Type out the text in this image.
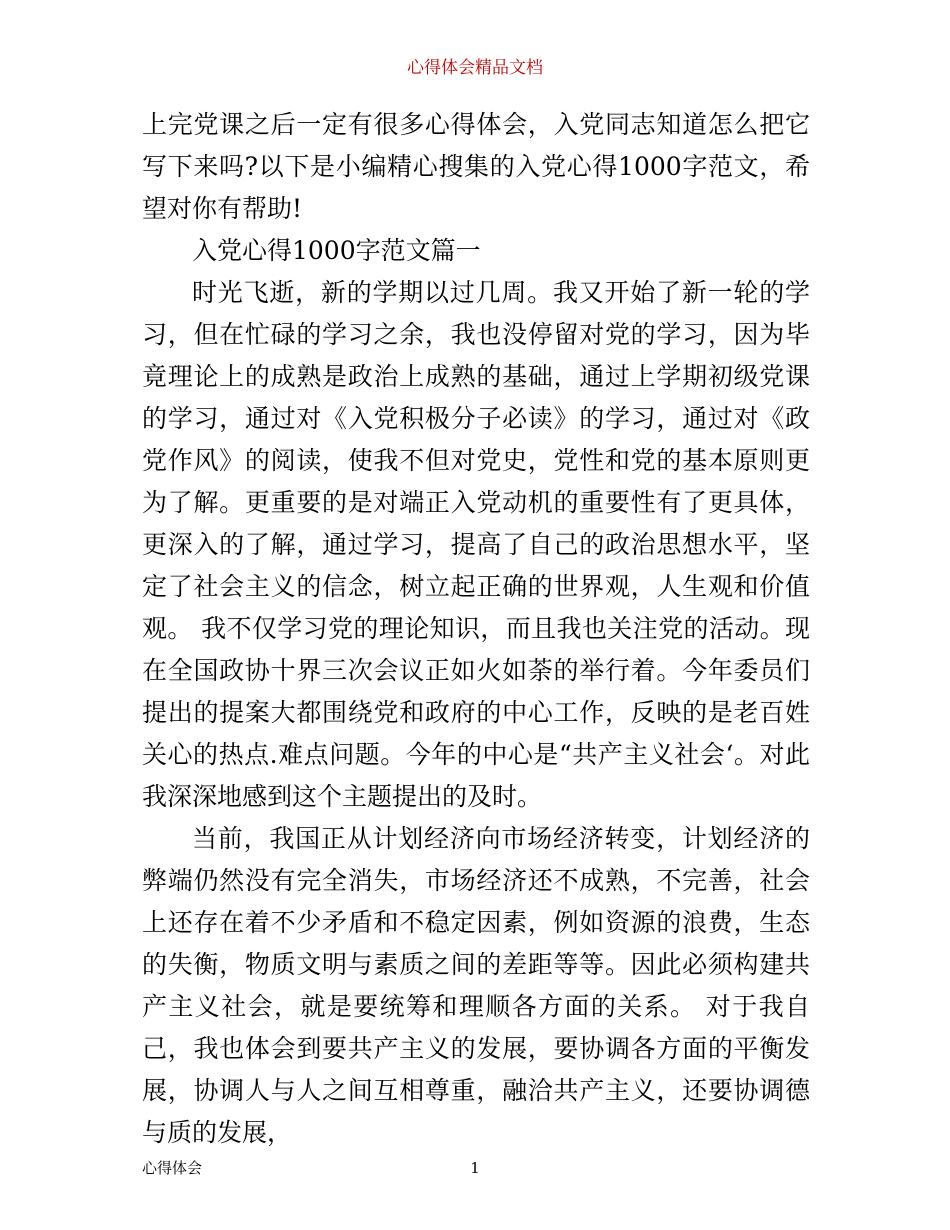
心得体会精品文档

上完党课之后一定有很多心得体会，入党同志知道怎么把它写下来吗?以下是小编精心搜集的入党心得1000字范文，希望对你有帮助!

入党心得1000字范文篇一

时光飞逝，新的学期以过几周。我又开始了新一轮的学习，但在忙碌的学习之余，我也没停留对党的学习，因为毕竟理论上的成熟是政治上成熟的基础，通过上学期初级党课的学习，通过对《入党积极分子必读》的学习，通过对《政党作风》的阅读，使我不但对党史，党性和党的基本原则更为了解。更重要的是对端正入党动机的重要性有了更具体，更深入的了解，通过学习，提高了自己的政治思想水平，坚定了社会主义的信念，树立起正确的世界观，人生观和价值观。 我不仅学习党的理论知识，而且我也关注党的活动。现在全国政协十界三次会议正如火如荼的举行着。今年委员们提出的提案大都围绕党和政府的中心工作，反映的是老百姓关心的热点.难点问题。今年的中心是“共产主义社会‘。对此我深深地感到这个主题提出的及时。

当前，我国正从计划经济向市场经济转变，计划经济的弊端仍然没有完全消失，市场经济还不成熟，不完善，社会上还存在着不少矛盾和不稳定因素，例如资源的浪费，生态的失衡，物质文明与素质之间的差距等等。因此必须构建共产主义社会，就是要统筹和理顺各方面的关系。 对于我自己，我也体会到要共产主义的发展，要协调各方面的平衡发展，协调人与人之间互相尊重，融洽共产主义，还要协调德与质的发展，

心得体会	1
